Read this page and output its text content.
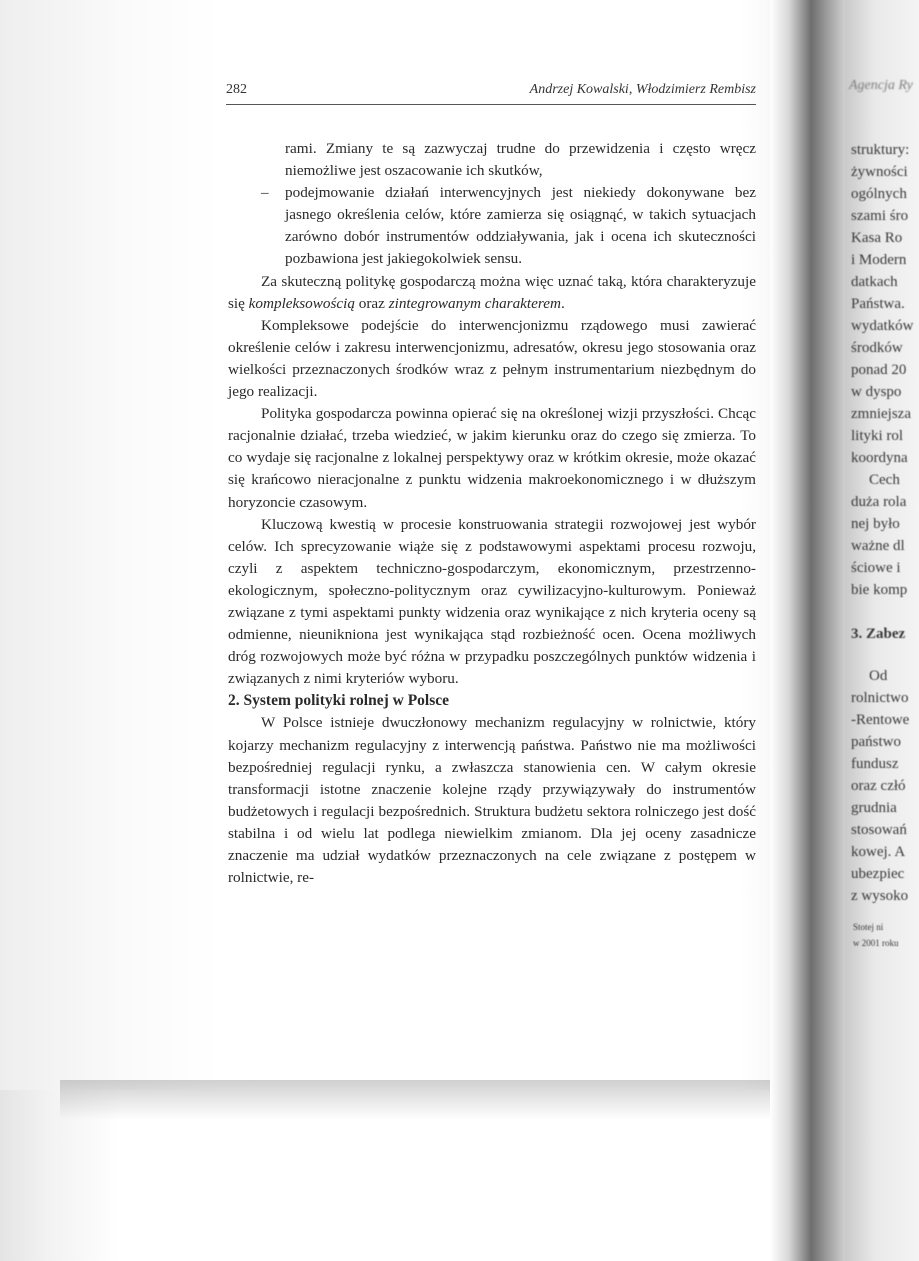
282	Andrzej Kowalski, Włodzimierz Rembisz

rami. Zmiany te są zazwyczaj trudne do przewidzenia i często wręcz niemożliwe jest oszacowanie ich skutków,

– podejmowanie działań interwencyjnych jest niekiedy dokonywane bez jasnego określenia celów, które zamierza się osiągnąć, w takich sytuacjach zarówno dobór instrumentów oddziaływania, jak i ocena ich skuteczności pozbawiona jest jakiegokolwiek sensu.

Za skuteczną politykę gospodarczą można więc uznać taką, która charakteryzuje się kompleksowością oraz zintegrowanym charakterem.

Kompleksowe podejście do interwencjonizmu rządowego musi zawierać określenie celów i zakresu interwencjonizmu, adresatów, okresu jego stosowania oraz wielkości przeznaczonych środków wraz z pełnym instrumentarium niezbędnym do jego realizacji.

Polityka gospodarcza powinna opierać się na określonej wizji przyszłości. Chcąc racjonalnie działać, trzeba wiedzieć, w jakim kierunku oraz do czego się zmierza. To co wydaje się racjonalne z lokalnej perspektywy oraz w krótkim okresie, może okazać się krańcowo nieracjonalne z punktu widzenia makroekonomicznego i w dłuższym horyzoncie czasowym.

Kluczową kwestią w procesie konstruowania strategii rozwojowej jest wybór celów. Ich sprecyzowanie wiąże się z podstawowymi aspektami procesu rozwoju, czyli z aspektem techniczno-gospodarczym, ekonomicznym, przestrzenno-ekologicznym, społeczno-politycznym oraz cywilizacyjno-kulturowym. Ponieważ związane z tymi aspektami punkty widzenia oraz wynikające z nich kryteria oceny są odmienne, nieunikniona jest wynikająca stąd rozbieżność ocen. Ocena możliwych dróg rozwojowych może być różna w przypadku poszczególnych punktów widzenia i związanych z nimi kryteriów wyboru.

2. System polityki rolnej w Polsce

W Polsce istnieje dwuczłonowy mechanizm regulacyjny w rolnictwie, który kojarzy mechanizm regulacyjny z interwencją państwa. Państwo nie ma możliwości bezpośredniej regulacji rynku, a zwłaszcza stanowienia cen. W całym okresie transformacji istotne znaczenie kolejne rządy przywiązywały do instrumentów budżetowych i regulacji bezpośrednich. Struktura budżetu sektora rolniczego jest dość stabilna i od wielu lat podlega niewielkim zmianom. Dla jej oceny zasadnicze znaczenie ma udział wydatków przeznaczonych na cele związane z postępem w rolnictwie, re-

Agencja Ry
struktury:
żywności
ogólnych
szami śro
Kasa Ro
i Modern
datkach
Państwa.
wydatków
środków
ponad 20
w dyspo
zmniejsza
lityki rol
koordyna
Cech
duża rola
nej było
ważne dl
ściowe i
bie komp
3. Zabez
Od
rolnictwo
-Rentowe
państwo
fundusz
oraz człó
grudnia
stosowań
kowej. A
ubezpiec
z wysoko
Stotej ni
w 2001 roku
